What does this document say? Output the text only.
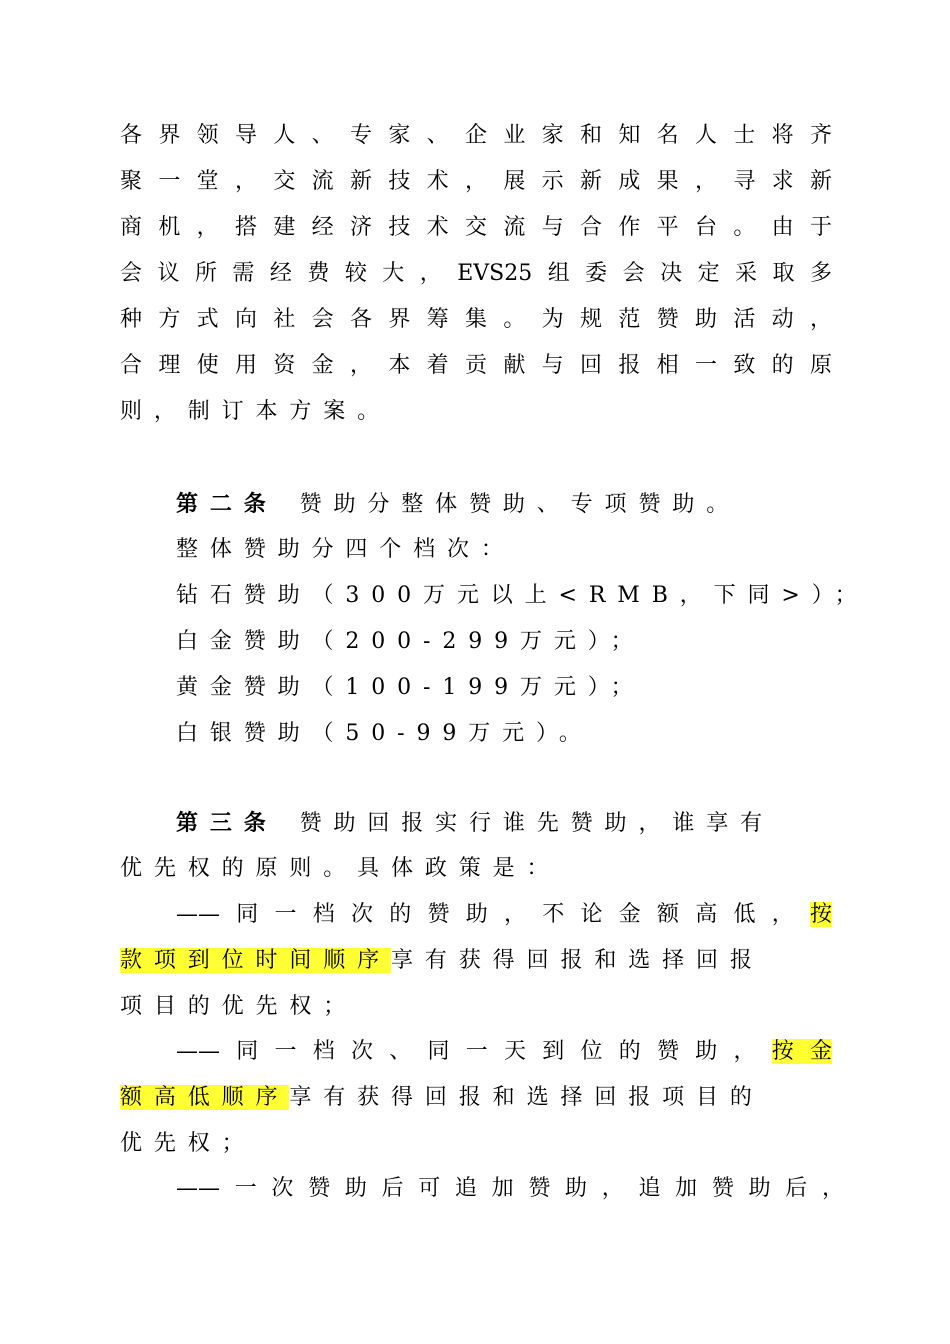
各界领导人、专家、企业家和知名人士将齐
聚一堂，交流新技术，展示新成果，寻求新
商机，搭建经济技术交流与合作平台。由于
会议所需经费较大，EVS25组委会决定采取多
种方式向社会各界筹集。为规范赞助活动，
合理使用资金，本着贡献与回报相一致的原
则，制订本方案。
第二条 赞助分整体赞助、专项赞助。
整体赞助分四个档次：
钻石赞助（300万元以上<RMB，下同>）；
白金赞助（200-299万元）；
黄金赞助（100-199万元）；
白银赞助（50-99万元）。
第三条 赞助回报实行谁先赞助，谁享有
优先权的原则。具体政策是：
——同一档次的赞助，不论金额高低，按
款项到位时间顺序享有获得回报和选择回报
项目的优先权；
——同一档次、同一天到位的赞助，按金
额高低顺序享有获得回报和选择回报项目的
优先权；
——一次赞助后可追加赞助，追加赞助后，
